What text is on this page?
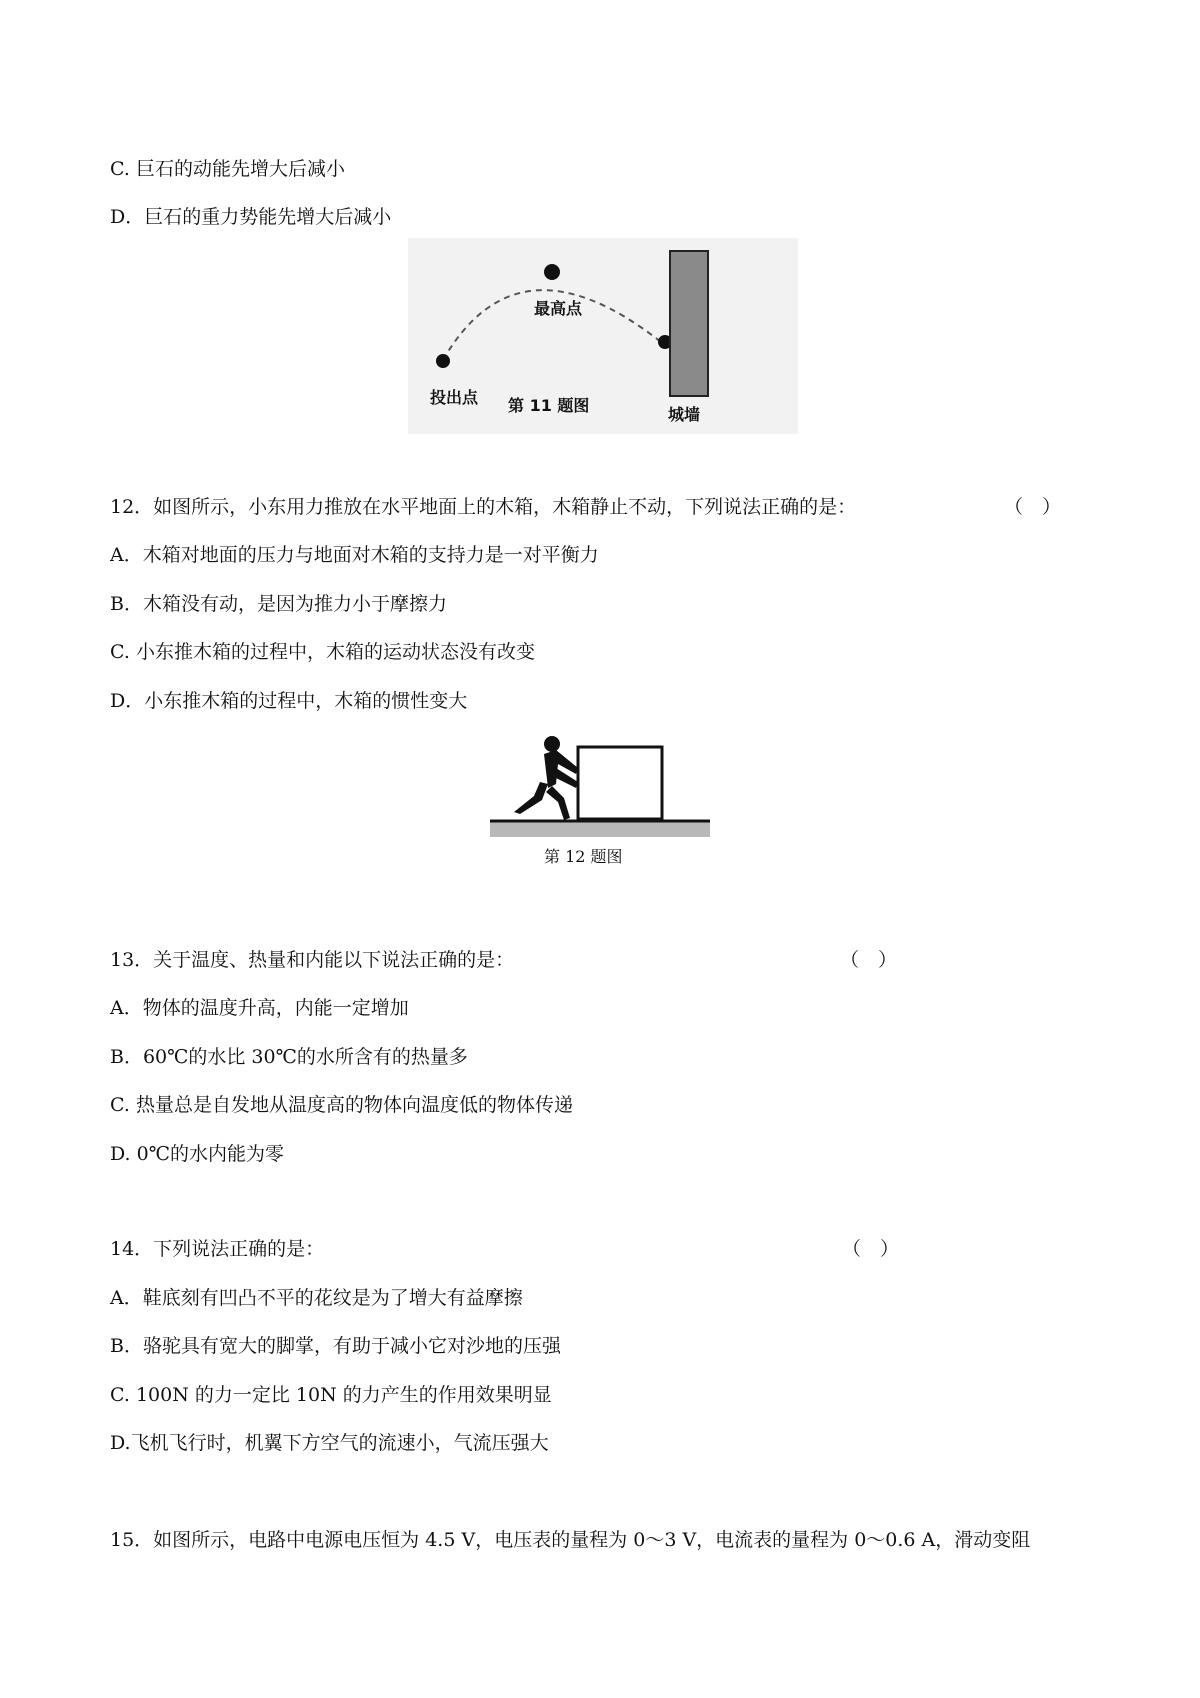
C. 巨石的动能先增大后减小
D．巨石的重力势能先增大后减小
最高点
投出点 第 11 题图	城墙
12．如图所示，小东用力推放在水平地面上的木箱，木箱静止不动，下列说法正确的是：	（　）
A．木箱对地面的压力与地面对木箱的支持力是一对平衡力
B．木箱没有动，是因为推力小于摩擦力
C. 小东推木箱的过程中，木箱的运动状态没有改变
D．小东推木箱的过程中，木箱的惯性变大
第 12 题图
13．关于温度、热量和内能以下说法正确的是：	（　）
A．物体的温度升高，内能一定增加
B．60℃的水比 30℃的水所含有的热量多
C. 热量总是自发地从温度高的物体向温度低的物体传递
D. 0℃的水内能为零
14．下列说法正确的是：	（　）
A．鞋底刻有凹凸不平的花纹是为了增大有益摩擦
B．骆驼具有宽大的脚掌，有助于减小它对沙地的压强
C. 100N 的力一定比 10N 的力产生的作用效果明显
D.飞机飞行时，机翼下方空气的流速小，气流压强大
15．如图所示，电路中电源电压恒为 4.5 V，电压表的量程为 0～3 V，电流表的量程为 0～0.6 A，滑动变阻
